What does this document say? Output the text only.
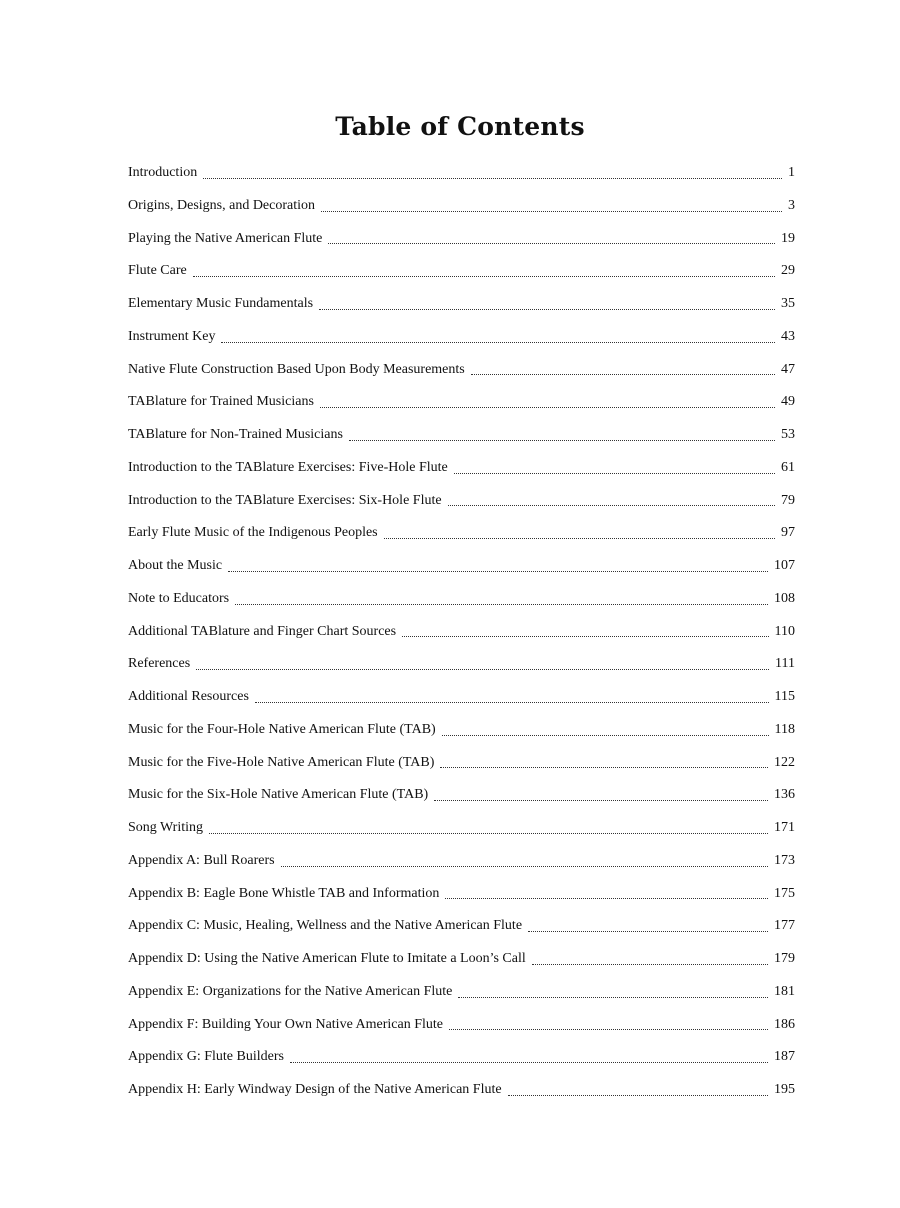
Table of Contents
Introduction	1
Origins, Designs, and Decoration	3
Playing the Native American Flute	19
Flute Care	29
Elementary Music Fundamentals	35
Instrument Key	43
Native Flute Construction Based Upon Body Measurements	47
TABlature for Trained Musicians	49
TABlature for Non-Trained Musicians	53
Introduction to the TABlature Exercises: Five-Hole Flute	61
Introduction to the TABlature Exercises: Six-Hole Flute	79
Early Flute Music of the Indigenous Peoples	97
About the Music	107
Note to Educators	108
Additional TABlature and Finger Chart Sources	110
References	111
Additional Resources	115
Music for the Four-Hole Native American Flute (TAB)	118
Music for the Five-Hole Native American Flute (TAB)	122
Music for the Six-Hole Native American Flute (TAB)	136
Song Writing	171
Appendix A: Bull Roarers	173
Appendix B: Eagle Bone Whistle TAB and Information	175
Appendix C: Music, Healing, Wellness and the Native American Flute	177
Appendix D: Using the Native American Flute to Imitate a Loon’s Call	179
Appendix E: Organizations for the Native American Flute	181
Appendix F: Building Your Own Native American Flute	186
Appendix G: Flute Builders	187
Appendix H: Early Windway Design of the Native American Flute	195
